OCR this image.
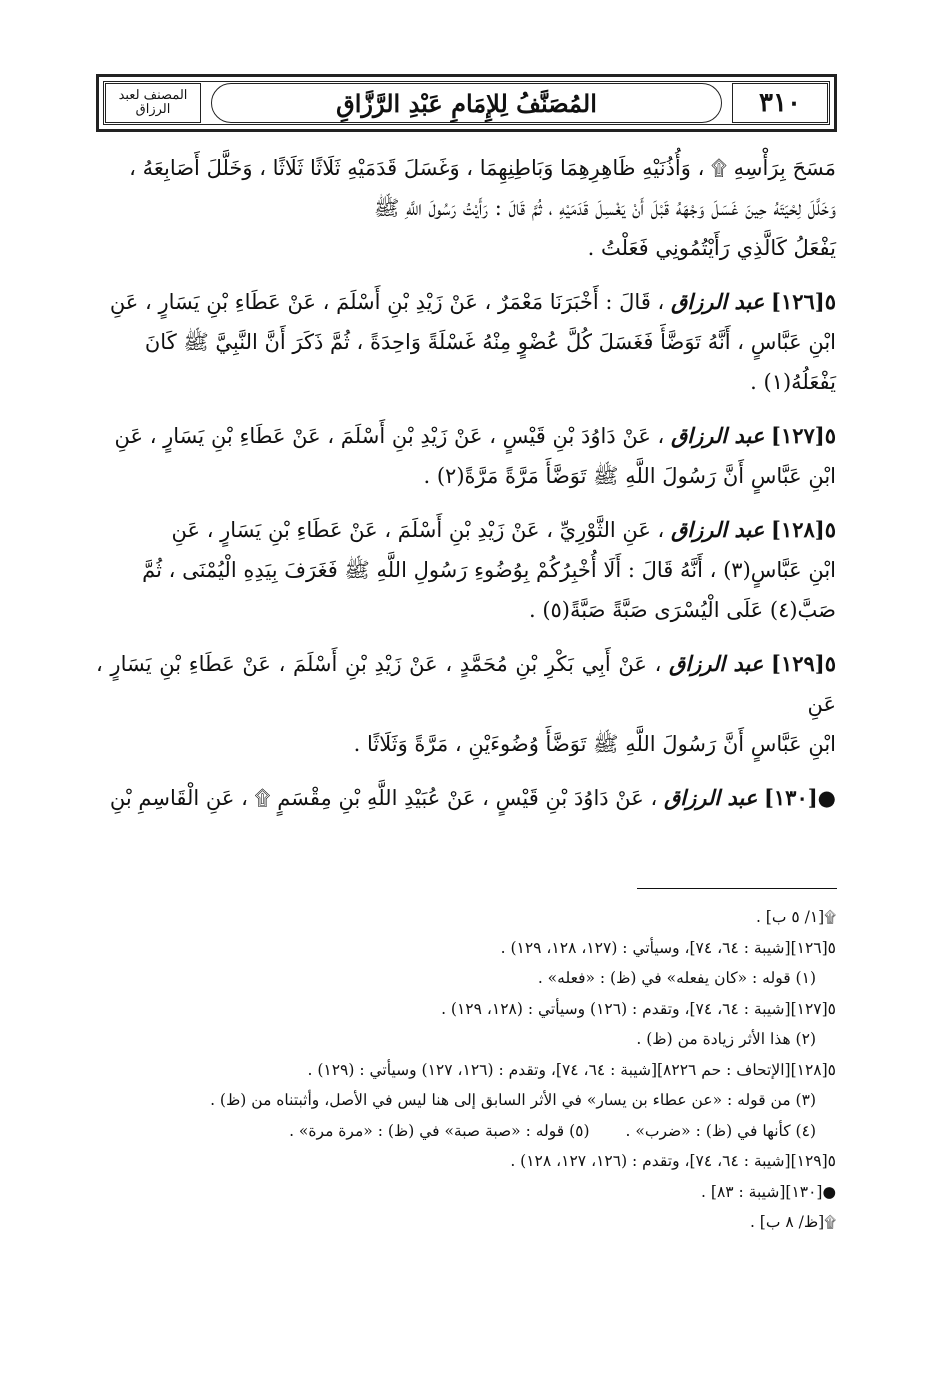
المصنف لعبد الرزاق	المُصَنَّفُ لِلإِمَامِ عَبْدِ الرَّزَّاقِ	٣١٠
مَسَحَ بِرَأْسِهِ ۩ ، وَأُذُنَيْهِ ظَاهِرِهِمَا وَبَاطِنِهِمَا ، وَغَسَلَ قَدَمَيْهِ ثَلَاثًا ثَلَاثًا ، وَخَلَّلَ أَصَابِعَهُ ،
وَخَلَّلَ لِحْيَتَهُ حِينَ غَسَلَ وَجْهَهُ قَبْلَ أَنْ يَغْسِلَ قَدَمَيْهِ ، ثُمَّ قَالَ : رَأَيْتُ رَسُولَ اللَّهِ ﷺ
يَفْعَلُ كَالَّذِي رَأَيْتُمُونِي فَعَلْتُ .
٥[١٢٦] عبد الرزاق ، قَالَ : أَخْبَرَنَا مَعْمَرٌ ، عَنْ زَيْدِ بْنِ أَسْلَمَ ، عَنْ عَطَاءِ بْنِ يَسَارٍ ، عَنِ
ابْنِ عَبَّاسٍ ، أَنَّهُ تَوَضَّأَ فَغَسَلَ كُلَّ عُضْوٍ مِنْهُ غَسْلَةً وَاحِدَةً ، ثُمَّ ذَكَرَ أَنَّ النَّبِيَّ ﷺ كَانَ
يَفْعَلُهُ(١) .
٥[١٢٧] عبد الرزاق ، عَنْ دَاوُدَ بْنِ قَيْسٍ ، عَنْ زَيْدِ بْنِ أَسْلَمَ ، عَنْ عَطَاءِ بْنِ يَسَارٍ ، عَنِ
ابْنِ عَبَّاسٍ أَنَّ رَسُولَ اللَّهِ ﷺ تَوَضَّأَ مَرَّةً مَرَّةً(٢) .
٥[١٢٨] عبد الرزاق ، عَنِ الثَّوْرِيِّ ، عَنْ زَيْدِ بْنِ أَسْلَمَ ، عَنْ عَطَاءِ بْنِ يَسَارٍ ، عَنِ
ابْنِ عَبَّاسٍ(٣) ، أَنَّهُ قَالَ : أَلَا أُخْبِرُكُمْ بِوُضُوءِ رَسُولِ اللَّهِ ﷺ فَغَرَفَ بِيَدِهِ الْيُمْنَى ، ثُمَّ
صَبَّ(٤) عَلَى الْيُسْرَى صَبَّةً صَبَّةً(٥) .
٥[١٢٩] عبد الرزاق ، عَنْ أَبِي بَكْرِ بْنِ مُحَمَّدٍ ، عَنْ زَيْدِ بْنِ أَسْلَمَ ، عَنْ عَطَاءِ بْنِ يَسَارٍ ، عَنِ
ابْنِ عَبَّاسٍ أَنَّ رَسُولَ اللَّهِ ﷺ تَوَضَّأَ وُضُوءَيْنِ ، مَرَّةً وَثَلَاثًا .
●[١٣٠] عبد الرزاق ، عَنْ دَاوُدَ بْنِ قَيْسٍ ، عَنْ عُبَيْدِ اللَّهِ بْنِ مِقْسَمٍ ۩ ، عَنِ الْقَاسِمِ بْنِ

۩[١/ ٥ ب] .

٥[١٢٦][شيبة : ٦٤، ٧٤]، وسيأتي : (١٢٧، ١٢٨، ١٢٩) .

(١) قوله : «كان يفعله» في (ظ) : «فعله» .

٥[١٢٧][شيبة : ٦٤، ٧٤]، وتقدم : (١٢٦) وسيأتي : (١٢٨، ١٢٩) .

(٢) هذا الأثر زيادة من (ظ) .

٥[١٢٨][الإتحاف : حم ٨٢٢٦][شيبة : ٦٤، ٧٤]، وتقدم : (١٢٦، ١٢٧) وسيأتي : (١٢٩) .

(٣) من قوله : «عن عطاء بن يسار» في الأثر السابق إلى هنا ليس في الأصل، وأثبتناه من (ظ) .

(٤) كأنها في (ظ) : «ضرب» .
(٥) قوله : «صبة صبة» في (ظ) : «مرة مرة» .

٥[١٢٩][شيبة : ٦٤، ٧٤]، وتقدم : (١٢٦، ١٢٧، ١٢٨) .

●[١٣٠][شيبة : ٨٣] .

۩[ظ/ ٨ ب] .
